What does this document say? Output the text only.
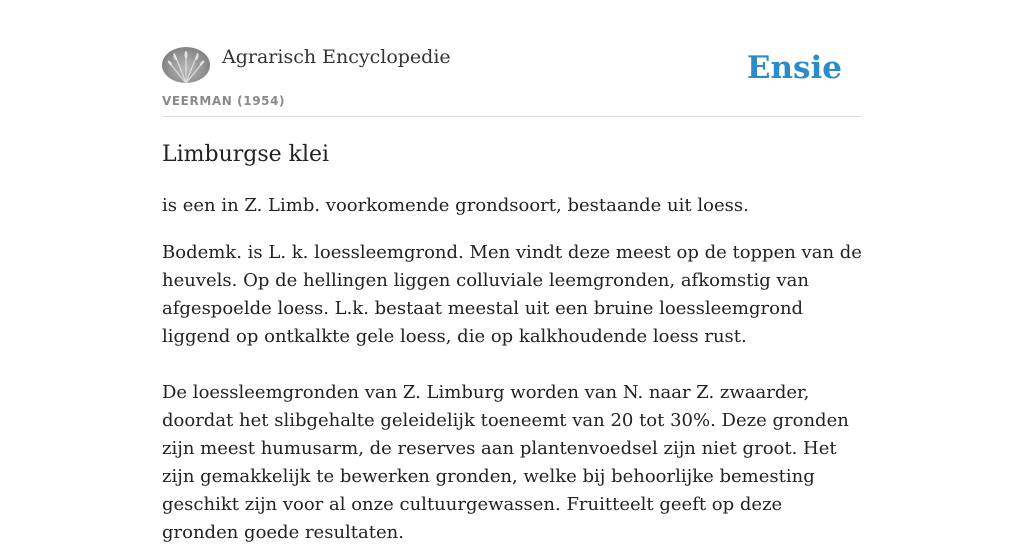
Agrarisch Encyclopedie
VEERMAN (1954)
Ensie
Limburgse klei

is een in Z. Limb. voorkomende grondsoort, bestaande uit loess.

Bodemk. is L. k. loessleemgrond. Men vindt deze meest op de toppen van de heuvels. Op de hellingen liggen colluviale leemgronden, afkomstig van afgespoelde loess. L.k. bestaat meestal uit een bruine loessleemgrond liggend op ontkalkte gele loess, die op kalkhoudende loess rust.

De loessleemgronden van Z. Limburg worden van N. naar Z. zwaarder, doordat het slibgehalte geleidelijk toeneemt van 20 tot 30%. Deze gronden zijn meest humusarm, de reserves aan plantenvoedsel zijn niet groot. Het zijn gemakkelijk te bewerken gronden, welke bij behoorlijke bemesting geschikt zijn voor al onze cultuurgewassen. Fruitteelt geeft op deze gronden goede resultaten.
